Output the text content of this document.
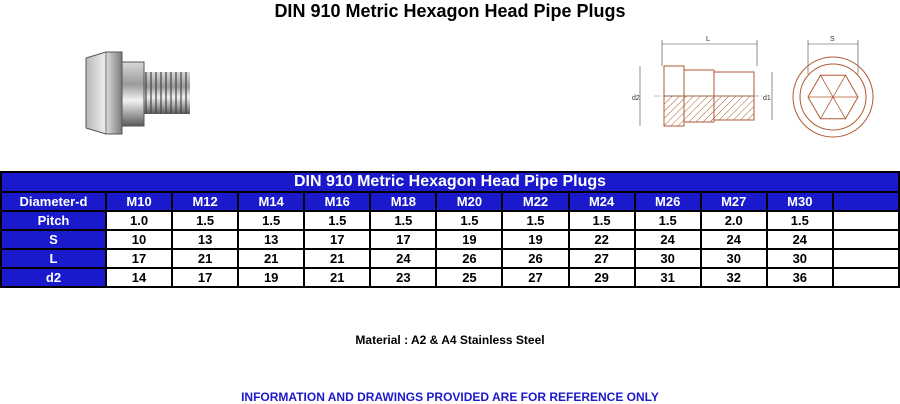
DIN 910 Metric Hexagon Head Pipe Plugs
L
d2	d1
S
DIN 910 Metric Hexagon Head Pipe Plugs												
Diameter-d	M10	M12	M14	M16	M18	M20	M22	M24	M26	M27	M30	
Pitch	1.0	1.5	1.5	1.5	1.5	1.5	1.5	1.5	1.5	2.0	1.5	
S	10	13	13	17	17	19	19	22	24	24	24	
L	17	21	21	21	24	26	26	27	30	30	30	
d2	14	17	19	21	23	25	27	29	31	32	36	
Material : A2 & A4 Stainless Steel
INFORMATION AND DRAWINGS PROVIDED ARE FOR REFERENCE ONLY
